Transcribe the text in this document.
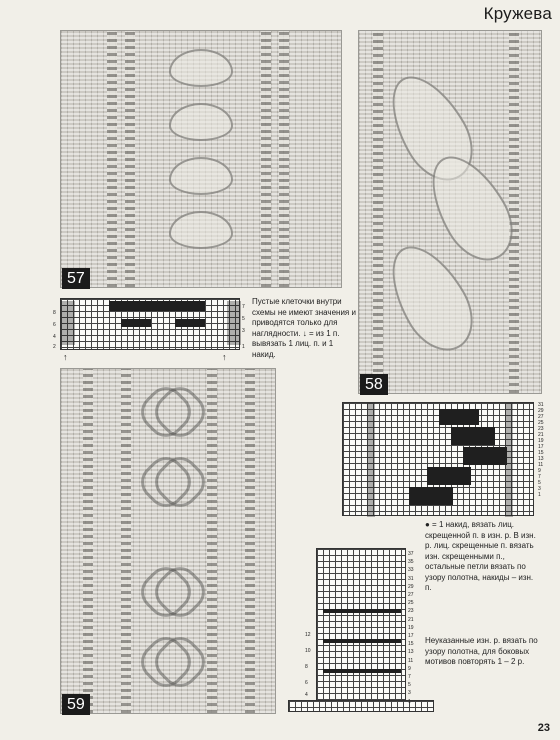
Кружева
57
8
6
4
2
7
5
3
1
↑	↑
Пустые клеточки внутри схемы не имеют значения и приводятся только для наглядности. ↓ = из 1 п. вывязать 1 лиц. п. и 1 накид.
58
31
29
27
25
23
21
19
17
15
13
11
9
7
5
3
1
● = 1 накид, вязать лиц. скрещенной п. в изн. р. В изн. р. лиц. скрещенные п. вязать изн. скрещенными п., остальные петли вязать по узору полотна, накиды – изн. п.
59
12
10
8
6
4
37
35
33
31
29
27
25
23
21
19
17
15
13
11
9
7
5
3
1
Неуказанные изн. р. вязать по узору полотна, для боковых мотивов повторять 1 – 2 р.
23
